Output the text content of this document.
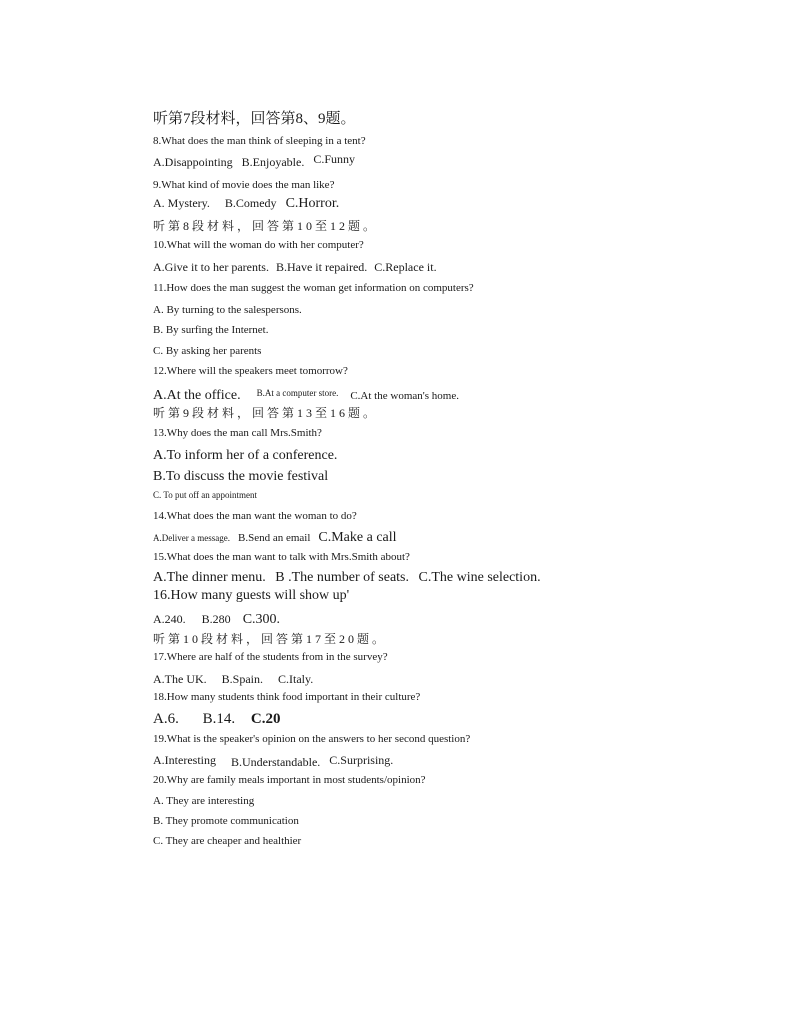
听第7段材料，回答第8、9题。
8.What does the man think of sleeping in a tent?
A.Disappointing B.Enjoyable. C.Funny
9.What kind of movie does the man like?
A. Mystery. B.Comedy C.Horror.
听第8段材料，回答第10至12题。
10.What will the woman do with her computer?
A.Give it to her parents. B.Have it repaired. C.Replace it.
11.How does the man suggest the woman get information on computers?
A. By turning to the salespersons.
B. By surfing the Internet.
C. By asking her parents
12.Where will the speakers meet tomorrow?
A.At the office. B.At a computer store. C.At the woman's home.
听第9段材料，回答第13至16题。
13.Why does the man call Mrs.Smith?
A.To inform her of a conference.
B.To discuss the movie festival
C. To put off an appointment
14.What does the man want the woman to do?
A.Deliver a message. B.Send an email C.Make a call
15.What does the man want to talk with Mrs.Smith about?
A.The dinner menu. B .The number of seats. C.The wine selection.
16.How many guests will show up'
A.240. B.280 C.300.
听第10段材料，回答第17至20题。
17.Where are half of the students from in the survey?
A.The UK. B.Spain. C.Italy.
18.How many students think food important in their culture?
A.6. B.14. C.20
19.What is the speaker's opinion on the answers to her second question?
A.Interesting B.Understandable. C.Surprising.
20.Why are family meals important in most students/opinion?
A. They are interesting
B. They promote communication
C. They are cheaper and healthier
